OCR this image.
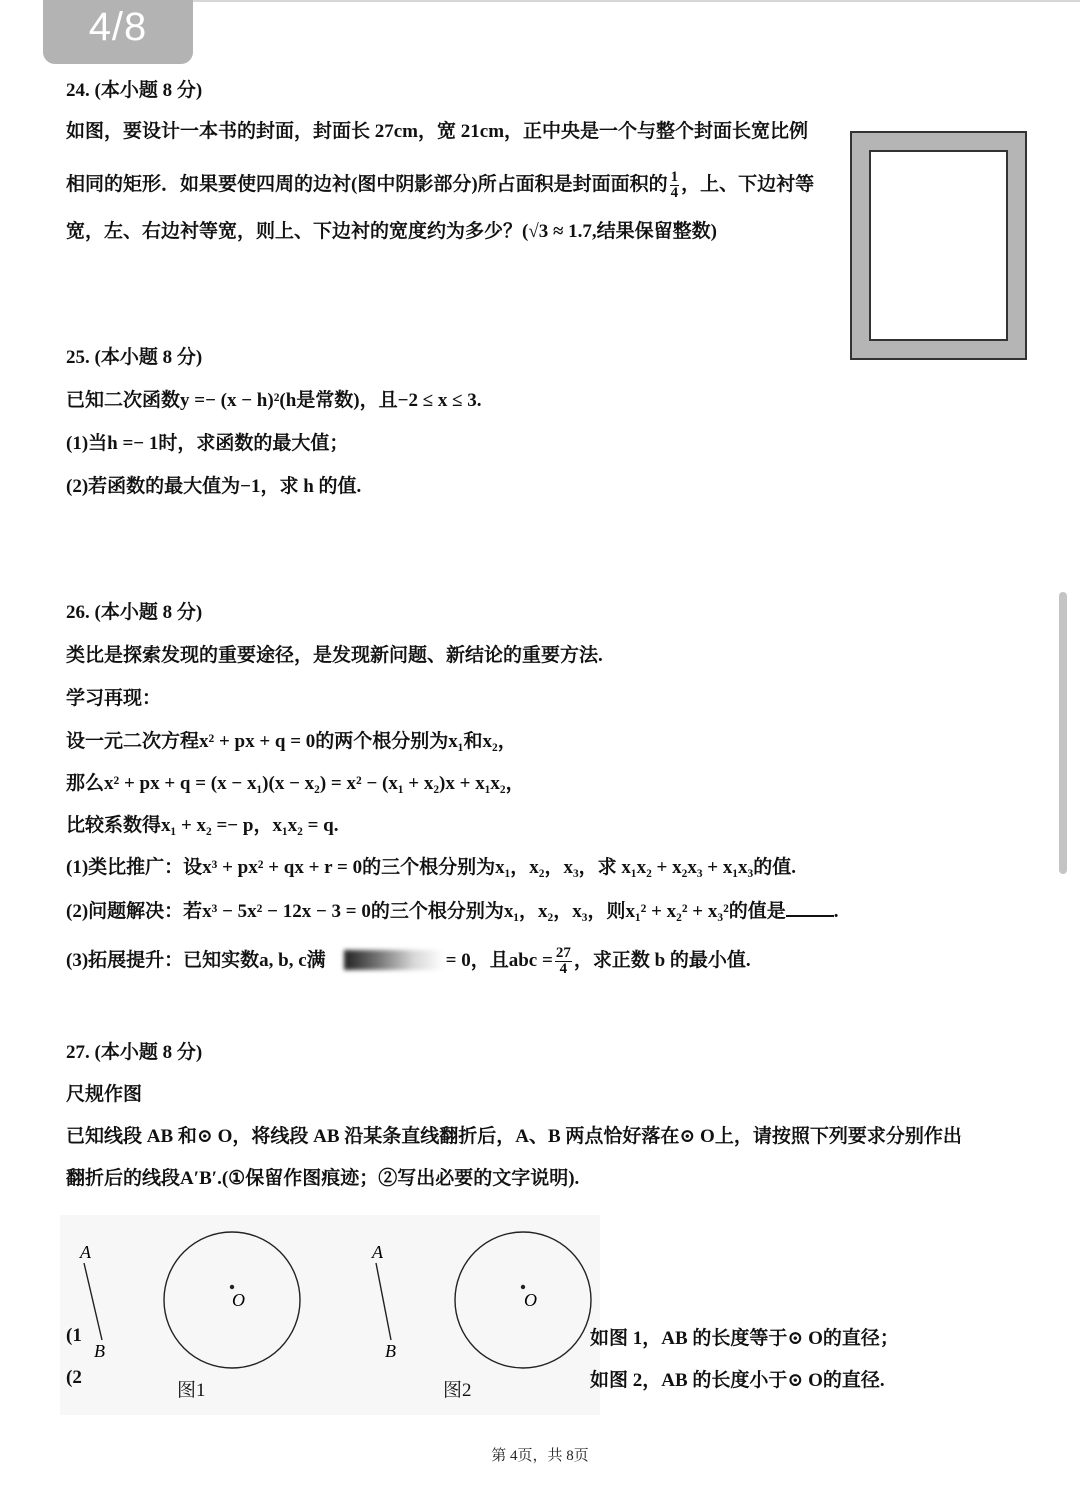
4/8
24. (本小题 8 分)
如图，要设计一本书的封面，封面长 27cm，宽 21cm，正中央是一个与整个封面长宽比例
相同的矩形．如果要使四周的边衬(图中阴影部分)所占面积是封面面积的 $\frac{1}{4}$ ，上、下边衬等
宽，左、右边衬等宽，则上、下边衬的宽度约为多少？(√3 ≈ 1.7,结果保留整数)
25. (本小题 8 分)
已知二次函数y =− (x − h)²(h是常数)，且−2 ≤ x ≤ 3.
(1)当h =− 1时，求函数的最大值；
(2)若函数的最大值为−1，求 h 的值.
26. (本小题 8 分)
类比是探索发现的重要途径，是发现新问题、新结论的重要方法.
学习再现：
设一元二次方程x² + px + q = 0的两个根分别为x₁和x₂，
那么x² + px + q = (x − x₁)(x − x₂) = x² − (x₁ + x₂)x + x₁x₂，
比较系数得x₁ + x₂ =− p，x₁x₂ = q.
(1)类比推广：设x³ + px² + qx + r = 0的三个根分别为x₁，x₂，x₃，求 x₁x₂ + x₂x₃ + x₁x₃的值.
(2)问题解决：若x³ − 5x² − 12x − 3 = 0的三个根分别为x₁，x₂，x₃，则x₁² + x₂² + x₃²的值是	.
(3)拓展提升：已知实数a, b, c满	= 0，且abc = $\frac{27}{4}$ ，求正数 b 的最小值.
27. (本小题 8 分)
尺规作图
已知线段 AB 和⊙ O，将线段 AB 沿某条直线翻折后，A、B 两点恰好落在⊙ O上，请按照下列要求分别作出
翻折后的线段A′B′.(①保留作图痕迹；②写出必要的文字说明).
A
B
O
A
B
O
图1	图2
(1
(2
如图 1，AB 的长度等于⊙ O的直径；
如图 2，AB 的长度小于⊙ O的直径.
第 4页，共 8页
